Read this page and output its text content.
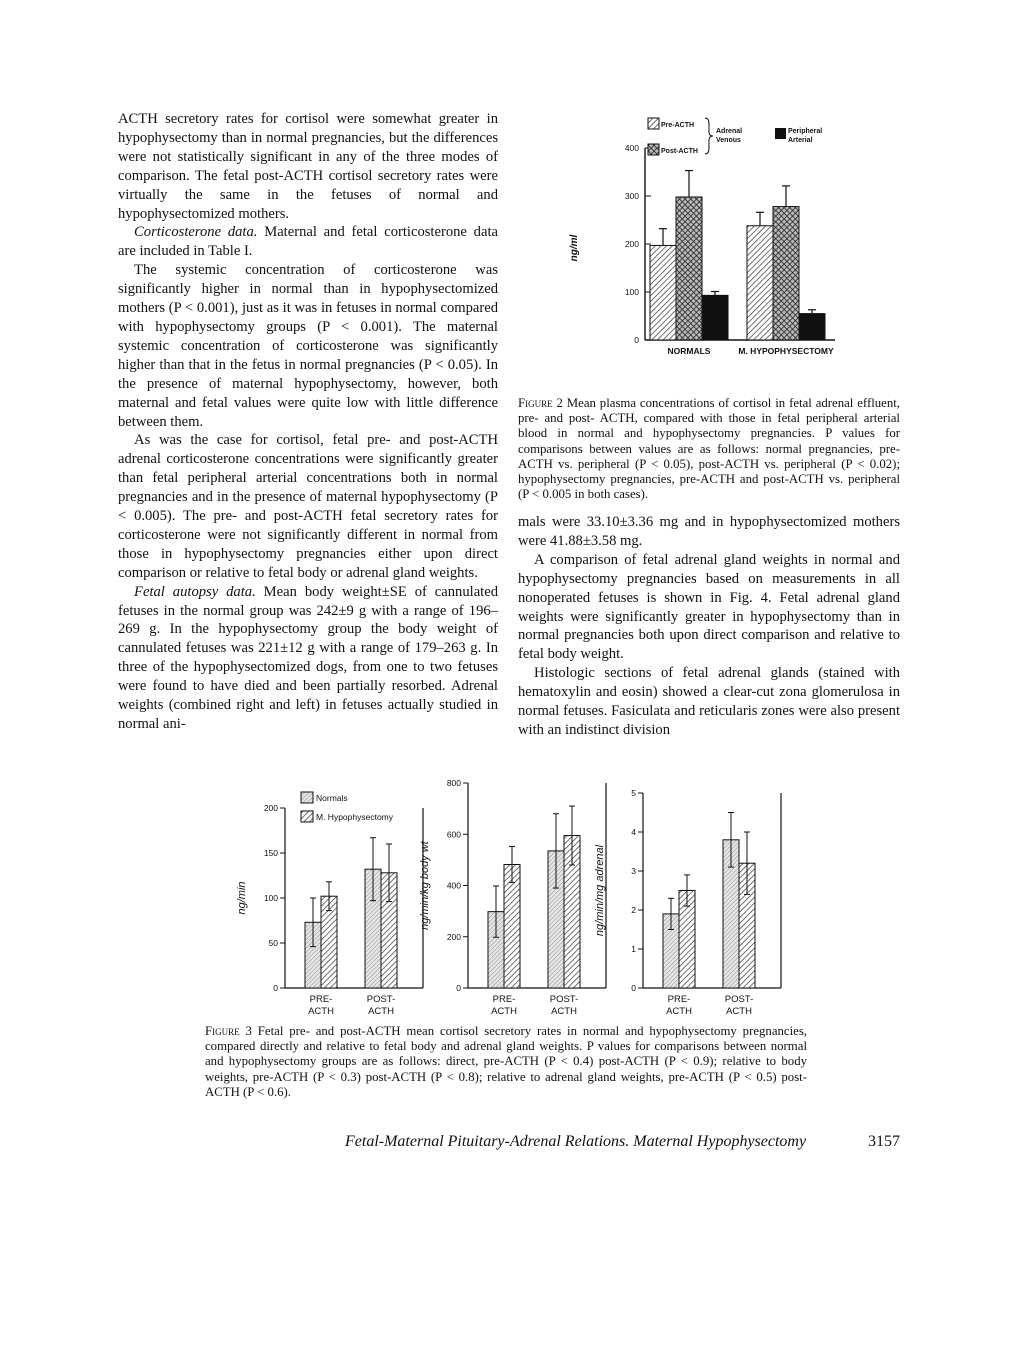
ACTH secretory rates for cortisol were somewhat greater in hypophysectomy than in normal pregnancies, but the differences were not statistically significant in any of the three modes of comparison. The fetal post-ACTH cortisol secretory rates were virtually the same in the fetuses of normal and hypophysectomized mothers.

Corticosterone data. Maternal and fetal corticosterone data are included in Table I.

The systemic concentration of corticosterone was significantly higher in normal than in hypophysectomized mothers (P < 0.001), just as it was in fetuses in normal compared with hypophysectomy groups (P < 0.001). The maternal systemic concentration of corticosterone was significantly higher than that in the fetus in normal pregnancies (P < 0.05). In the presence of maternal hypophysectomy, however, both maternal and fetal values were quite low with little difference between them.

As was the case for cortisol, fetal pre- and post-ACTH adrenal corticosterone concentrations were significantly greater than fetal peripheral arterial concentrations both in normal pregnancies and in the presence of maternal hypophysectomy (P < 0.005). The pre- and post-ACTH fetal secretory rates for corticosterone were not significantly different in normal from those in hypophysectomy pregnancies either upon direct comparison or relative to fetal body or adrenal gland weights.

Fetal autopsy data. Mean body weight±SE of cannulated fetuses in the normal group was 242±9 g with a range of 196–269 g. In the hypophysectomy group the body weight of cannulated fetuses was 221±12 g with a range of 179–263 g. In three of the hypophysectomized dogs, from one to two fetuses were found to have died and been partially resorbed. Adrenal weights (combined right and left) in fetuses actually studied in normal ani-

0
100
200
300
400
ng/ml
NORMALS	M. HYPOPHYSECTOMY
Pre-ACTH
Post-ACTH
Adrenal
Venous
Peripheral
Arterial
Figure 2 Mean plasma concentrations of cortisol in fetal adrenal effluent, pre- and post- ACTH, compared with those in fetal peripheral arterial blood in normal and hypophysectomy pregnancies. P values for comparisons between values are as follows: normal pregnancies, pre-ACTH vs. peripheral (P < 0.05), post-ACTH vs. peripheral (P < 0.02); hypophysectomy pregnancies, pre-ACTH and post-ACTH vs. peripheral (P < 0.005 in both cases).

mals were 33.10±3.36 mg and in hypophysectomized mothers were 41.88±3.58 mg.

A comparison of fetal adrenal gland weights in normal and hypophysectomy pregnancies based on measurements in all nonoperated fetuses is shown in Fig. 4. Fetal adrenal gland weights were significantly greater in hypophysectomy than in normal pregnancies both upon direct comparison and relative to fetal body weight.

Histologic sections of fetal adrenal glands (stained with hematoxylin and eosin) showed a clear-cut zona glomerulosa in normal fetuses. Fasiculata and reticularis zones were also present with an indistinct division

0
50
100
150
200
ng/min
PRE-
ACTH
POST-
ACTH
0
200
400
600
800
ng/min/kg body wt
PRE-
ACTH
POST-
ACTH
0
1
2
3
4
5
ng/min/mg adrenal
PRE-
ACTH
POST-
ACTH
Normals
M. Hypophysectomy
Figure 3 Fetal pre- and post-ACTH mean cortisol secretory rates in normal and hypophysectomy pregnancies, compared directly and relative to fetal body and adrenal gland weights. P values for comparisons between normal and hypophysectomy groups are as follows: direct, pre-ACTH (P < 0.4) post-ACTH (P < 0.9); relative to body weights, pre-ACTH (P < 0.3) post-ACTH (P < 0.8); relative to adrenal gland weights, pre-ACTH (P < 0.5) post-ACTH (P < 0.6).
Fetal-Maternal Pituitary-Adrenal Relations. Maternal Hypophysectomy	3157
